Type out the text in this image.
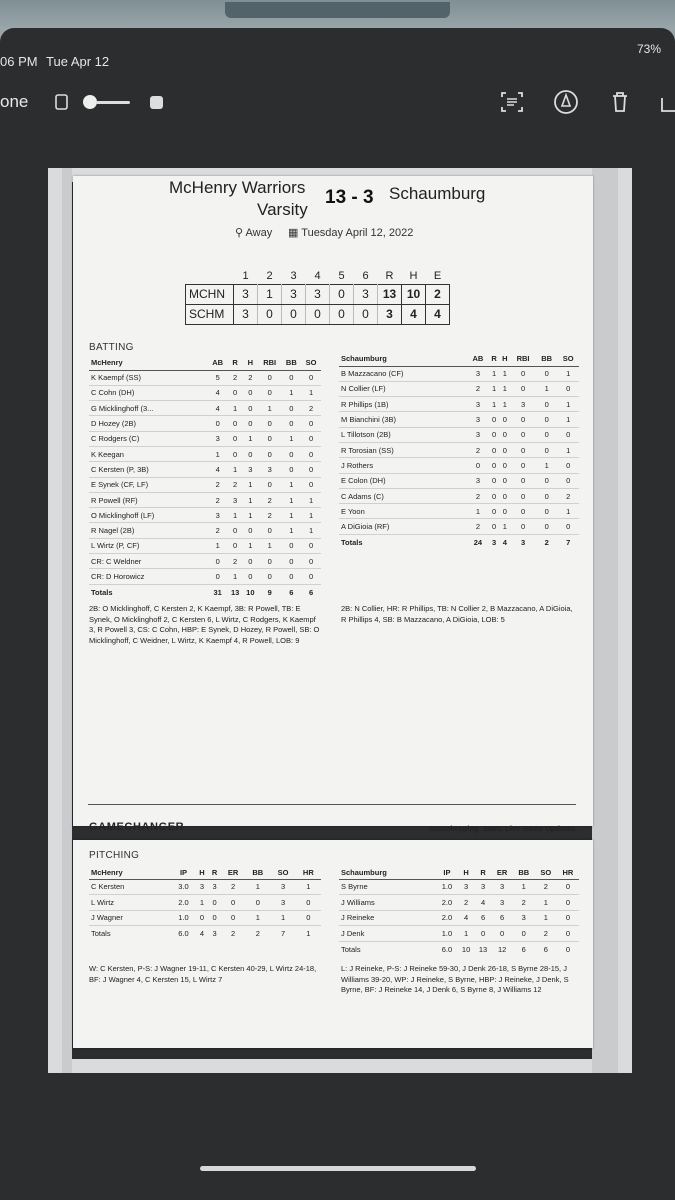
06 PM Tue Apr 12
73%
one
McHenry Warriors
Varsity
13 - 3 Schaumburg
⚲ Away ▦ Tuesday April 12, 2022
	1	2	3	4	5	6	R	H	E
MCHN	3	1	3	3	0	3	13	10	2
SCHM	3	0	0	0	0	0	3	4	4
BATTING
McHenry	AB	R	H	RBI	BB	SO
K Kaempf (SS)	5	2	2	0	0	0
C Cohn (DH)	4	0	0	0	1	1
G Micklinghoff (3...	4	1	0	1	0	2
D Hozey (2B)	0	0	0	0	0	0
C Rodgers (C)	3	0	1	0	1	0
K Keegan	1	0	0	0	0	0
C Kersten (P, 3B)	4	1	3	3	0	0
E Synek (CF, LF)	2	2	1	0	1	0
R Powell (RF)	2	3	1	2	1	1
O Micklinghoff (LF)	3	1	1	2	1	1
R Nagel (2B)	2	0	0	0	1	1
L Wirtz (P, CF)	1	0	1	1	0	0
CR: C Weldner	0	2	0	0	0	0
CR: D Horowicz	0	1	0	0	0	0
Totals	31	13	10	9	6	6
Schaumburg	AB	R	H	RBI	BB	SO
B Mazzacano (CF)	3	1	1	0	0	1
N Collier (LF)	2	1	1	0	1	0
R Phillips (1B)	3	1	1	3	0	1
M Bianchini (3B)	3	0	0	0	0	1
L Tillotson (2B)	3	0	0	0	0	0
R Torosian (SS)	2	0	0	0	0	1
J Rothers	0	0	0	0	1	0
E Colon (DH)	3	0	0	0	0	0
C Adams (C)	2	0	0	0	0	2
E Yoon	1	0	0	0	0	1
A DiGioia (RF)	2	0	1	0	0	0
Totals	24	3	4	3	2	7
2B: O Micklinghoff, C Kersten 2, K Kaempf, 3B: R Powell, TB: E Synek, O Micklinghoff 2, C Kersten 6, L Wirtz, C Rodgers, K Kaempf 3, R Powell 3, CS: C Cohn, HBP: E Synek, D Hozey, R Powell, SB: O Micklinghoff, C Weidner, L Wirtz, K Kaempf 4, R Powell, LOB: 9
2B: N Collier, HR: R Phillips, TB: N Collier 2, B Mazzacano, A DiGioia, R Phillips 4, SB: B Mazzacano, A DiGioia, LOB: 5
GAMECHANGER	Scorekeeping. Stats. Live Game Updates.
PITCHING
McHenry	IP	H	R	ER	BB	SO	HR
C Kersten	3.0	3	3	2	1	3	1
L Wirtz	2.0	1	0	0	0	3	0
J Wagner	1.0	0	0	0	1	1	0
Totals	6.0	4	3	2	2	7	1
Schaumburg	IP	H	R	ER	BB	SO	HR
S Byrne	1.0	3	3	3	1	2	0
J Williams	2.0	2	4	3	2	1	0
J Reineke	2.0	4	6	6	3	1	0
J Denk	1.0	1	0	0	0	2	0
Totals	6.0	10	13	12	6	6	0
W: C Kersten, P-S: J Wagner 19-11, C Kersten 40-29, L Wirtz 24-18, BF: J Wagner 4, C Kersten 15, L Wirtz 7
L: J Reineke, P-S: J Reineke 59-30, J Denk 26-18, S Byrne 28-15, J Williams 39-20, WP: J Reineke, S Byrne, HBP: J Reineke, J Denk, S Byrne, BF: J Reineke 14, J Denk 6, S Byrne 8, J Williams 12
